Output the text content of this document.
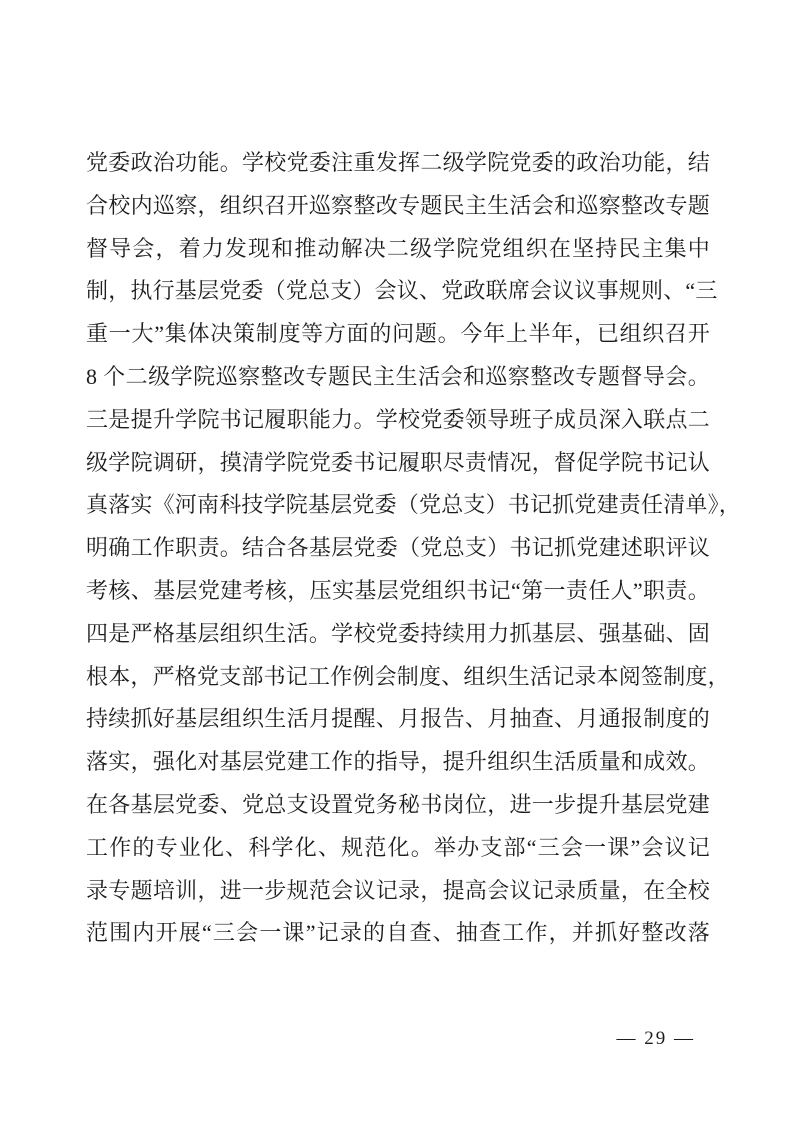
党委政治功能。学校党委注重发挥二级学院党委的政治功能，结
合校内巡察，组织召开巡察整改专题民主生活会和巡察整改专题
督导会，着力发现和推动解决二级学院党组织在坚持民主集中
制，执行基层党委（党总支）会议、党政联席会议议事规则、“三
重一大”集体决策制度等方面的问题。今年上半年，已组织召开
8 个二级学院巡察整改专题民主生活会和巡察整改专题督导会。
三是提升学院书记履职能力。学校党委领导班子成员深入联点二
级学院调研，摸清学院党委书记履职尽责情况，督促学院书记认
真落实《河南科技学院基层党委（党总支）书记抓党建责任清单》，
明确工作职责。结合各基层党委（党总支）书记抓党建述职评议
考核、基层党建考核，压实基层党组织书记“第一责任人”职责。
四是严格基层组织生活。学校党委持续用力抓基层、强基础、固
根本，严格党支部书记工作例会制度、组织生活记录本阅签制度，
持续抓好基层组织生活月提醒、月报告、月抽查、月通报制度的
落实，强化对基层党建工作的指导，提升组织生活质量和成效。
在各基层党委、党总支设置党务秘书岗位，进一步提升基层党建
工作的专业化、科学化、规范化。举办支部“三会一课”会议记
录专题培训，进一步规范会议记录，提高会议记录质量，在全校
范围内开展“三会一课”记录的自查、抽查工作，并抓好整改落
— 29 —
